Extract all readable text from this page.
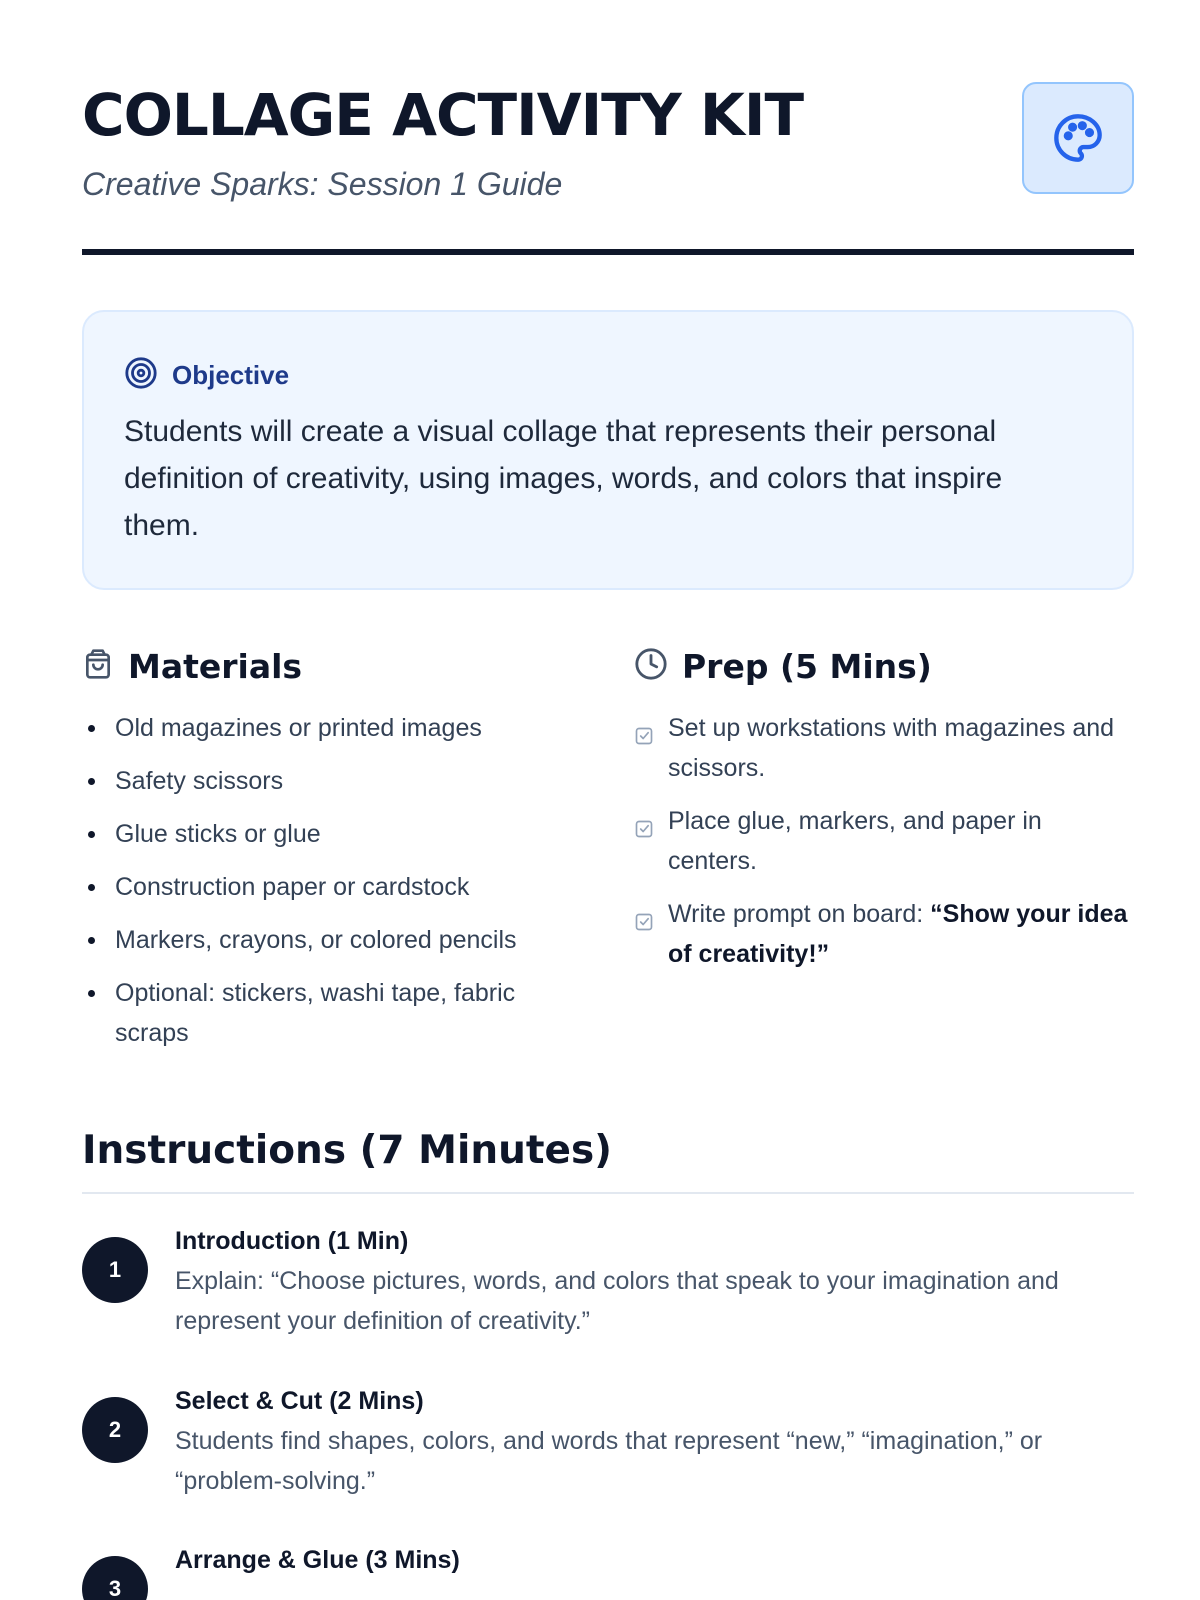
COLLAGE ACTIVITY KIT
Creative Sparks: Session 1 Guide
Objective

Students will create a visual collage that represents their personal definition of creativity, using images, words, and colors that inspire them.

Materials
Old magazines or printed images
Safety scissors
Glue sticks or glue
Construction paper or cardstock
Markers, crayons, or colored pencils
Optional: stickers, washi tape, fabric scraps
Prep (5 Mins)
Set up workstations with magazines and scissors.
Place glue, markers, and paper in centers.
Write prompt on board: “Show your idea of creativity!”
Instructions (7 Minutes)
1
Introduction (1 Min)

Explain: “Choose pictures, words, and colors that speak to your imagination and represent your definition of creativity.”

2
Select & Cut (2 Mins)

Students find shapes, colors, and words that represent “new,” “imagination,” or “problem-solving.”

3
Arrange & Glue (3 Mins)
